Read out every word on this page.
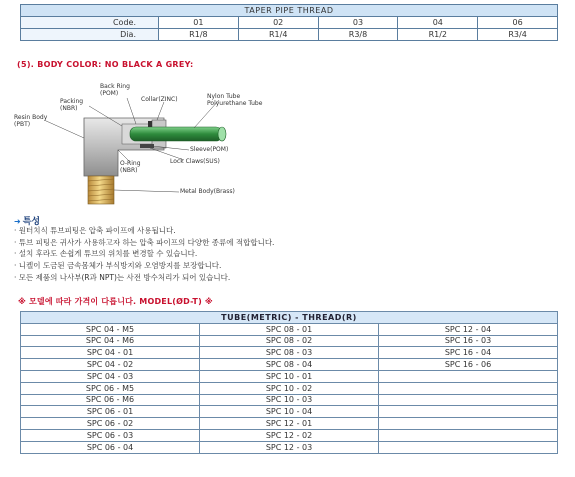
TAPER PIPE THREAD					
Code.	01	02	03	04	06
Dia.	R1/8	R1/4	R3/8	R1/2	R3/4
(5). BODY COLOR: NO BLACK A GREY:
Back Ring
(POM)
Packing
(NBR)
Collar(ZINC)	Nylon Tube
Polyurethane Tube
Resin Body
(PBT)
Sleeve(POM)
Lock Claws(SUS)
O-Ring
(NBR)
Metal Body(Brass)
➜ 특성
· 원터치식 튜브피팅은 압축 파이프에 사용됩니다.
· 튜브 피팅은 귀사가 사용하고자 하는 압축 파이프의 다양한 종류에 적합합니다.
· 설치 후라도 손쉽게 튜브의 위치를 변경할 수 있습니다.
· 니켈이 도금된 금속몸체가 부식방지와 오염방지를 보장합니다.
· 모든 제품의 나사부(R과 NPT)는 사전 방수처리가 되어 있습니다.
※ 모델에 따라 가격이 다릅니다. MODEL(ØD-T) ※
TUBE(METRIC) - THREAD(R)		
SPC 04 - M5	SPC 08 - 01	SPC 12 - 04
SPC 04 - M6	SPC 08 - 02	SPC 16 - 03
SPC 04 - 01	SPC 08 - 03	SPC 16 - 04
SPC 04 - 02	SPC 08 - 04	SPC 16 - 06
SPC 04 - 03	SPC 10 - 01	
SPC 06 - M5	SPC 10 - 02	
SPC 06 - M6	SPC 10 - 03	
SPC 06 - 01	SPC 10 - 04	
SPC 06 - 02	SPC 12 - 01	
SPC 06 - 03	SPC 12 - 02	
SPC 06 - 04	SPC 12 - 03	
